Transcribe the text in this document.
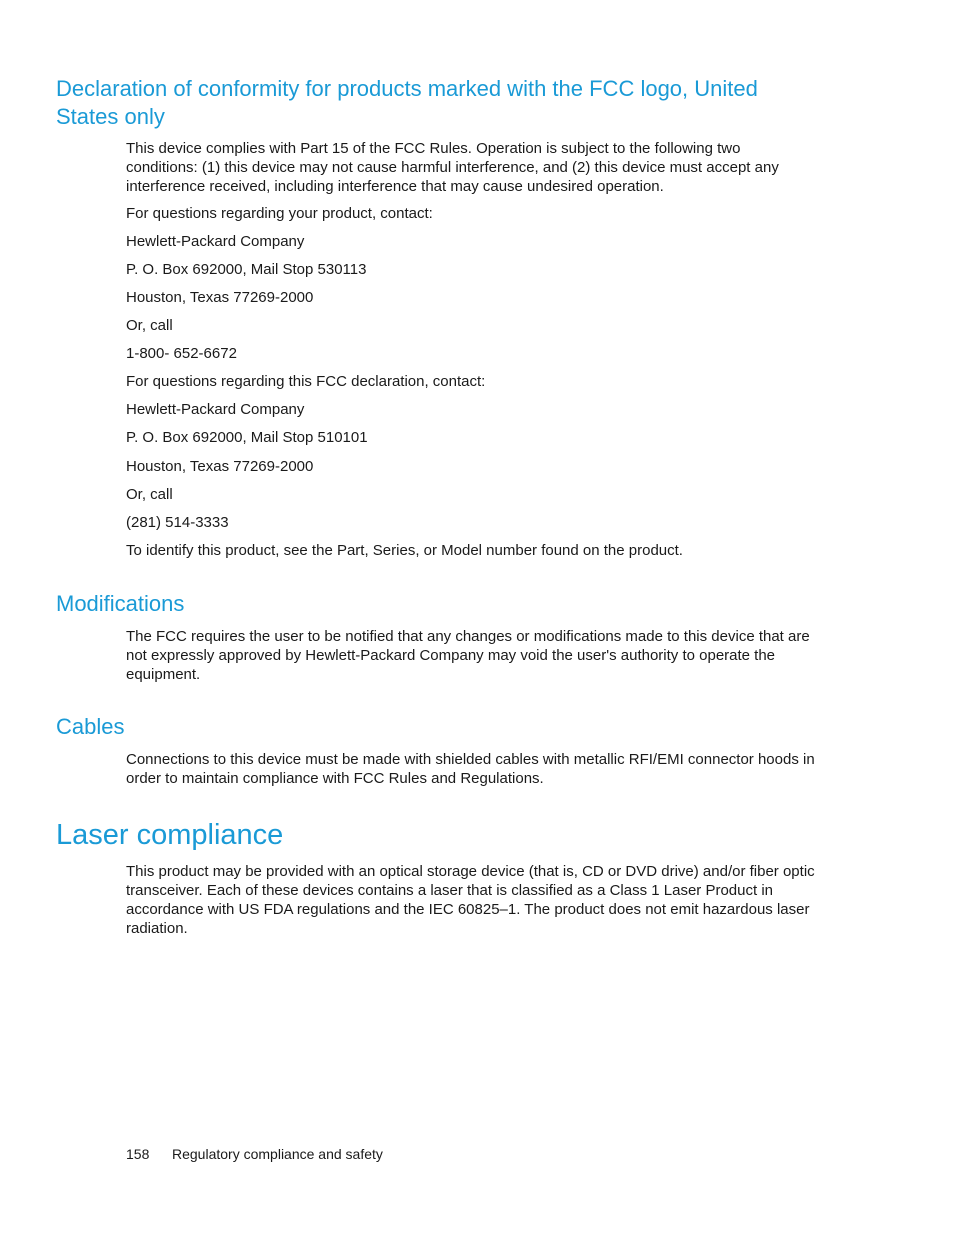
Declaration of conformity for products marked with the FCC logo, United States only

This device complies with Part 15 of the FCC Rules. Operation is subject to the following two conditions: (1) this device may not cause harmful interference, and (2) this device must accept any interference received, including interference that may cause undesired operation.

For questions regarding your product, contact:

Hewlett-Packard Company

P. O. Box 692000, Mail Stop 530113

Houston, Texas 77269-2000

Or, call

1-800- 652-6672

For questions regarding this FCC declaration, contact:

Hewlett-Packard Company

P. O. Box 692000, Mail Stop 510101

Houston, Texas 77269-2000

Or, call

(281) 514-3333

To identify this product, see the Part, Series, or Model number found on the product.

Modifications

The FCC requires the user to be notified that any changes or modifications made to this device that are not expressly approved by Hewlett-Packard Company may void the user's authority to operate the equipment.

Cables

Connections to this device must be made with shielded cables with metallic RFI/EMI connector hoods in order to maintain compliance with FCC Rules and Regulations.

Laser compliance

This product may be provided with an optical storage device (that is, CD or DVD drive) and/or fiber optic transceiver. Each of these devices contains a laser that is classified as a Class 1 Laser Product in accordance with US FDA regulations and the IEC 60825–1. The product does not emit hazardous laser radiation.

158 Regulatory compliance and safety
